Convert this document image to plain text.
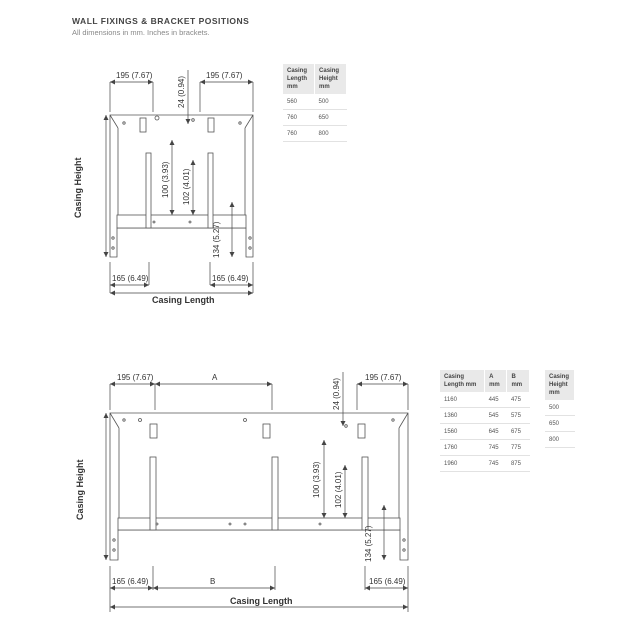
WALL FIXINGS & BRACKET POSITIONS
All dimensions in mm. Inches in brackets.
195 (7.67)	195 (7.67)
24 (0.94)
100 (3.93) 102 (4.01)
134 (5.27)
165 (6.49)	165 (6.49)
Casing Height
Casing Length
195 (7.67)	A	195 (7.67)
24 (0.94)
100 (3.93) 102 (4.01)
134 (5.27)
165 (6.49)	B	165 (6.49)
Casing Height
Casing Length
Casing Length mm	Casing Height mm
560	500
760	650
760	800
Casing Length mm	A mm	B mm
1160	445	475
1360	545	575
1560	645	675
1760	745	775
1960	745	875
Casing Height mm
500
650
800
